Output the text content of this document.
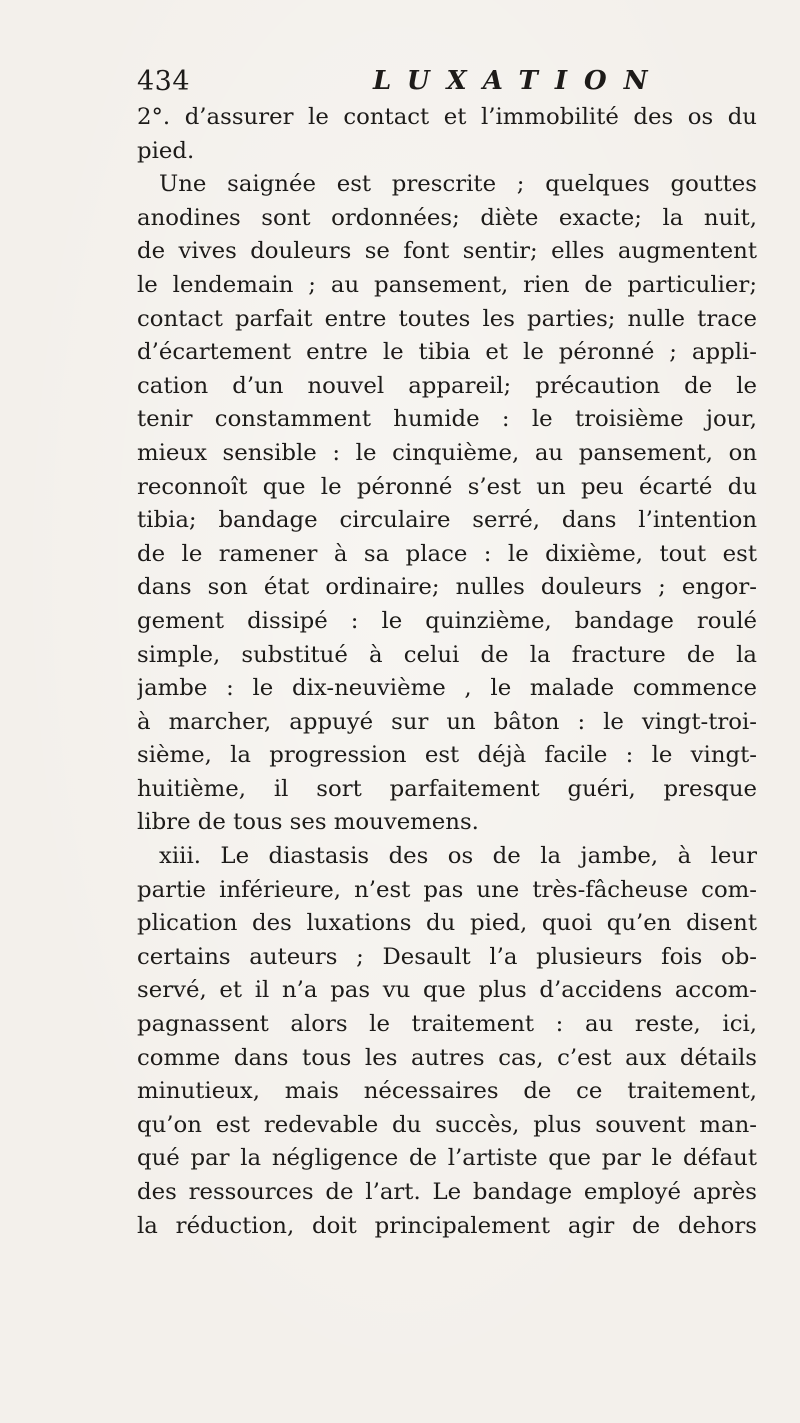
434	LUXATION
2°. d’assurer le contact et l’immobilité des os du
pied.
Une saignée est prescrite ; quelques gouttes
anodines sont ordonnées; diète exacte; la nuit,
de vives douleurs se font sentir; elles augmentent
le lendemain ; au pansement, rien de particulier;
contact parfait entre toutes les parties; nulle trace
d’écartement entre le tibia et le péronné ; appli-
cation d’un nouvel appareil; précaution de le
tenir constamment humide : le troisième jour,
mieux sensible : le cinquième, au pansement, on
reconnoît que le péronné s’est un peu écarté du
tibia; bandage circulaire serré, dans l’intention
de le ramener à sa place : le dixième, tout est
dans son état ordinaire; nulles douleurs ; engor-
gement dissipé : le quinzième, bandage roulé
simple, substitué à celui de la fracture de la
jambe : le dix-neuvième , le malade commence
à marcher, appuyé sur un bâton : le vingt-troi-
sième, la progression est déjà facile : le vingt-
huitième, il sort parfaitement guéri, presque
libre de tous ses mouvemens.
xiii. Le diastasis des os de la jambe, à leur
partie inférieure, n’est pas une très-fâcheuse com-
plication des luxations du pied, quoi qu’en disent
certains auteurs ; Desault l’a plusieurs fois ob-
servé, et il n’a pas vu que plus d’accidens accom-
pagnassent alors le traitement : au reste, ici,
comme dans tous les autres cas, c’est aux détails
minutieux, mais nécessaires de ce traitement,
qu’on est redevable du succès, plus souvent man-
qué par la négligence de l’artiste que par le défaut
des ressources de l’art. Le bandage employé après
la réduction, doit principalement agir de dehors
